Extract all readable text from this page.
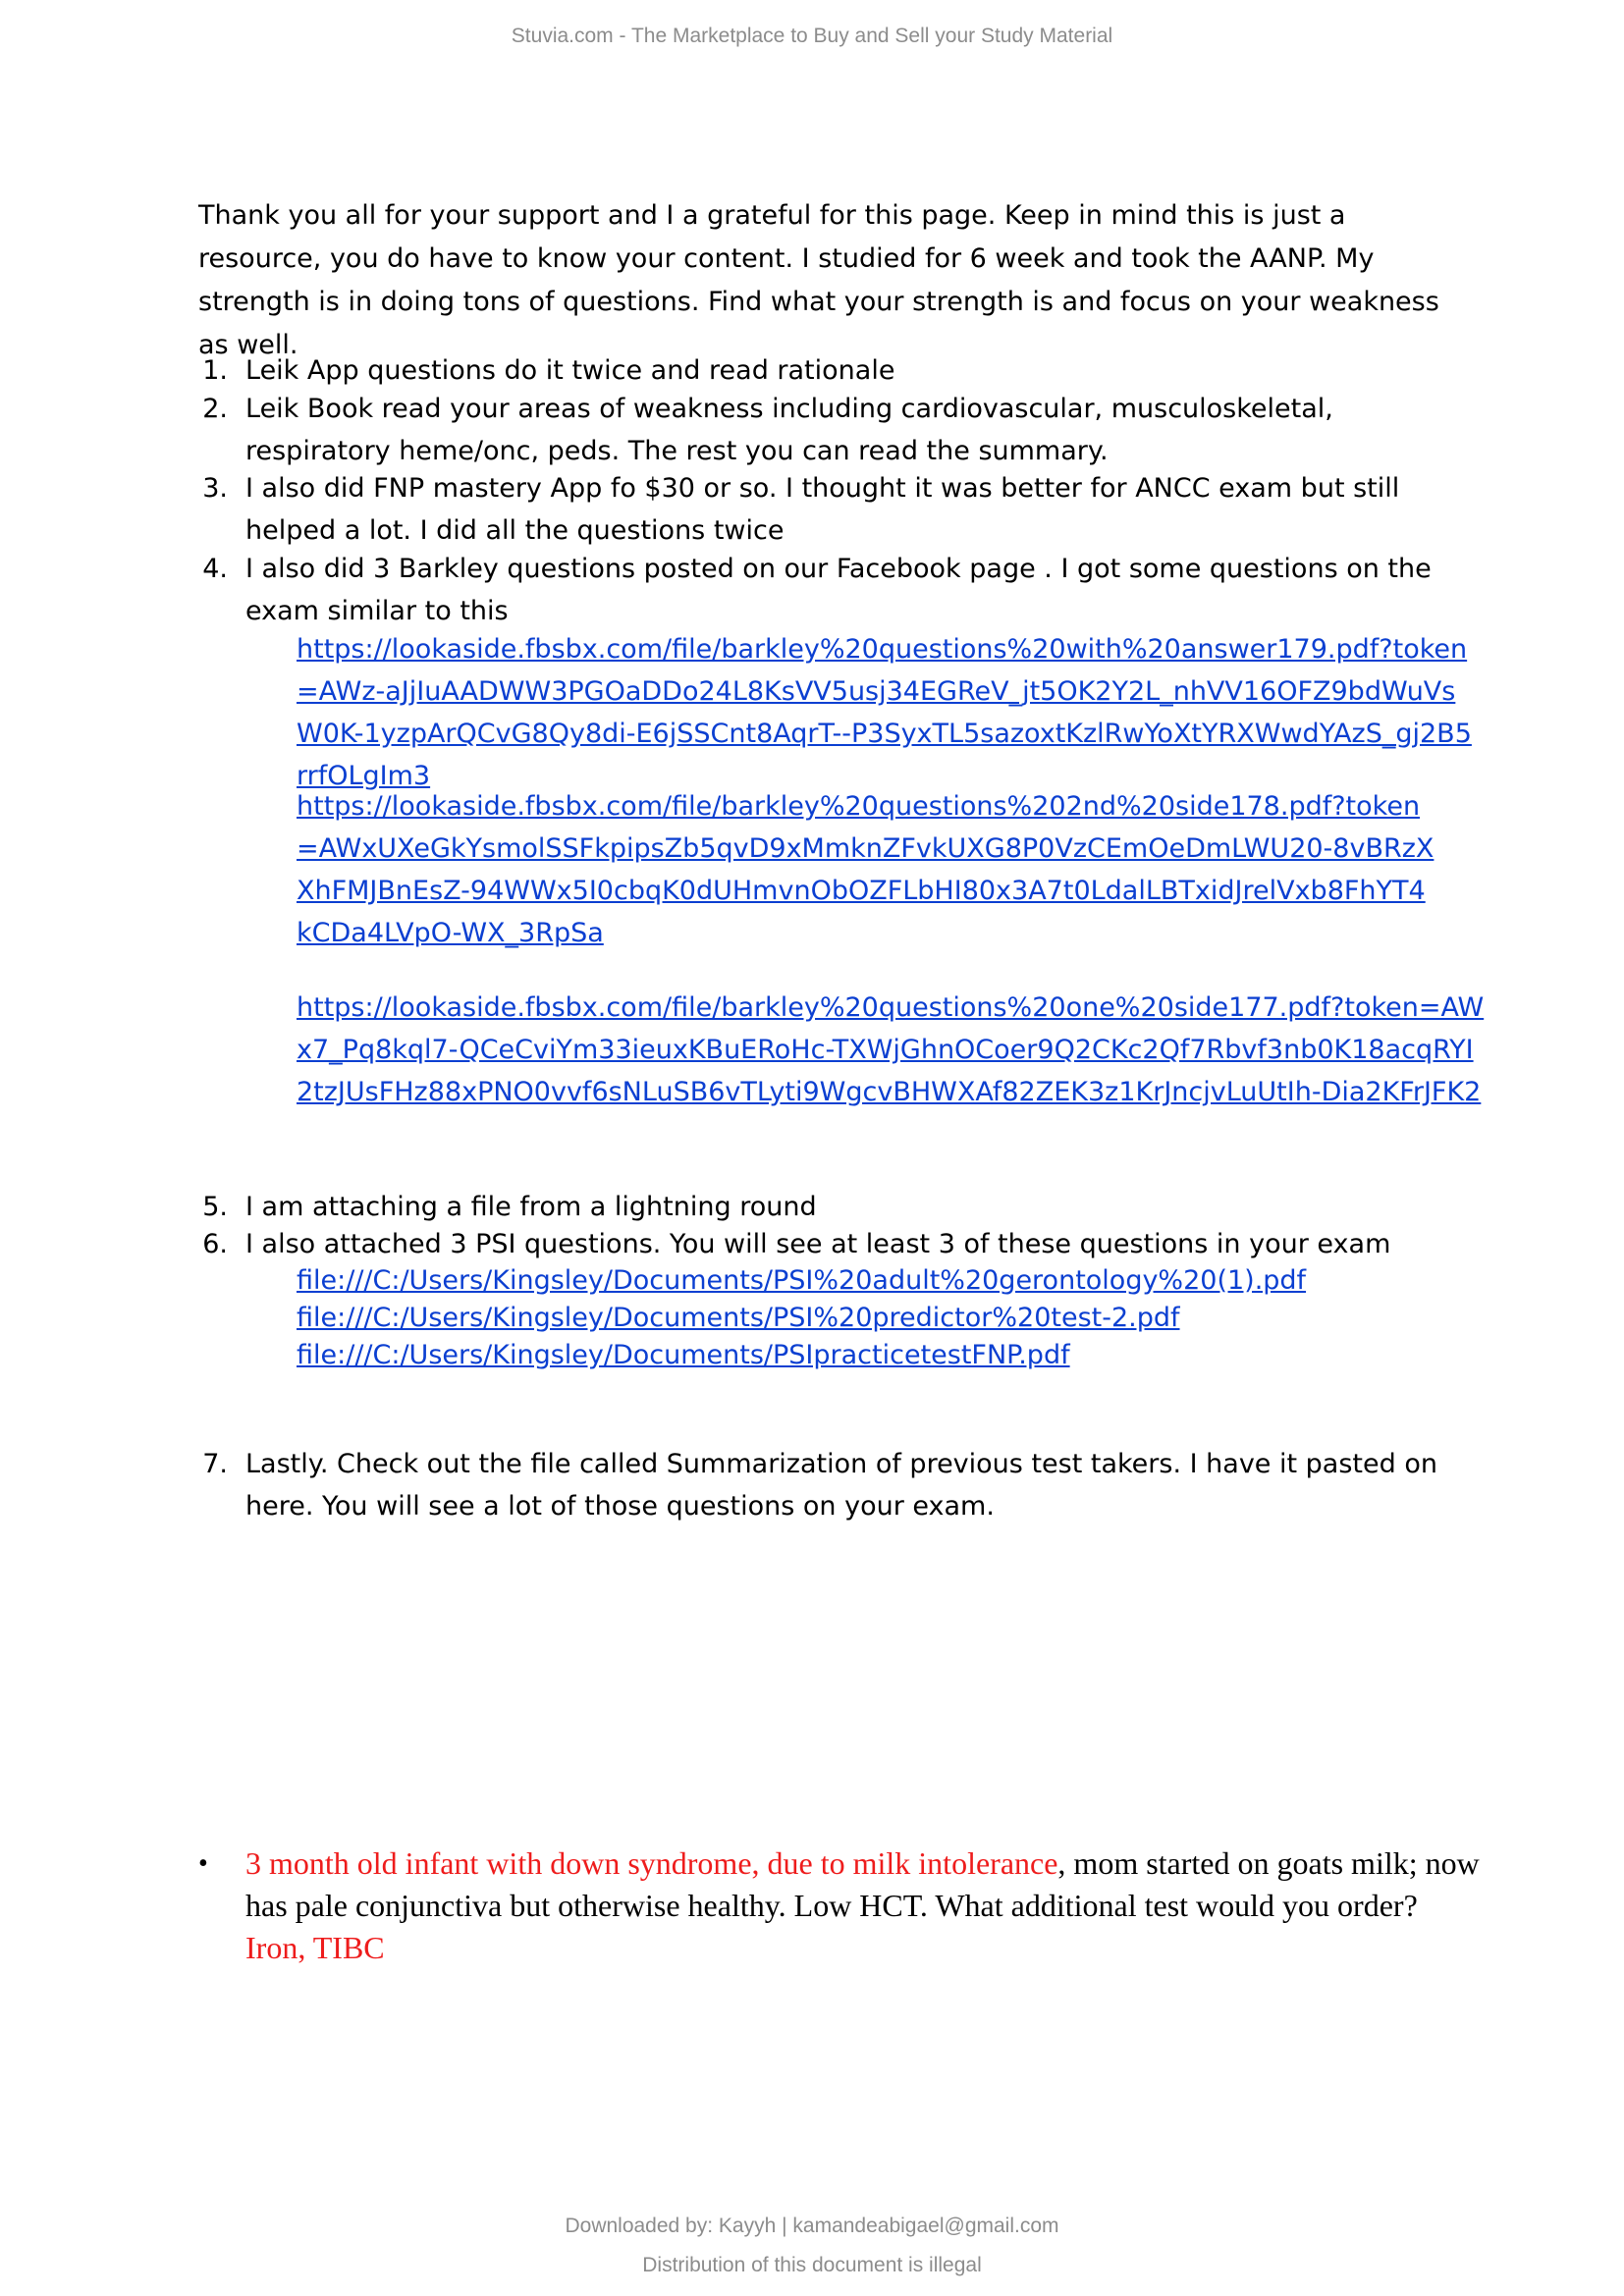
Stuvia.com - The Marketplace to Buy and Sell your Study Material
Thank you all for your support and I a grateful for this page. Keep in mind this is just a resource, you do have to know your content. I studied for 6 week and took the AANP. My strength is in doing tons of questions. Find what your strength is and focus on your weakness as well.
1. Leik App questions do it twice and read rationale
2. Leik Book read your areas of weakness including cardiovascular, musculoskeletal, respiratory heme/onc, peds. The rest you can read the summary.
3. I also did FNP mastery App fo $30 or so. I thought it was better for ANCC exam but still helped a lot. I did all the questions twice
4. I also did 3 Barkley questions posted on our Facebook page . I got some questions on the exam similar to this
https://lookaside.fbsbx.com/file/barkley%20questions%20with%20answer179.pdf?token=AWz-aJjIuAADWW3PGOaDDo24L8KsVV5usj34EGReV_jt5OK2Y2L_nhVV16OFZ9bdWuVsW0K-1yzpArQCvG8Qy8di-E6jSSCnt8AqrT--P3SyxTL5sazoxtKzlRwYoXtYRXWwdYAzS_gj2B5rrfOLgIm3
https://lookaside.fbsbx.com/file/barkley%20questions%202nd%20side178.pdf?token=AWxUXeGkYsmolSSFkpipsZb5qvD9xMmknZFvkUXG8P0VzCEmOeDmLWU20-8vBRzXXhFMJBnEsZ-94WWx5I0cbqK0dUHmvnObOZFLbHI80x3A7t0LdalLBTxidJrelVxb8FhYT4kCDa4LVpO-WX_3RpSa
https://lookaside.fbsbx.com/file/barkley%20questions%20one%20side177.pdf?token=AWx7_Pq8kql7-QCeCviYm33ieuxKBuERoHc-TXWjGhnOCoer9Q2CKc2Qf7Rbvf3nb0K18acqRYI2tzJUsFHz88xPNO0vvf6sNLuSB6vTLyti9WgcvBHWXAf82ZEK3z1KrJncjvLuUtIh-Dia2KFrJFK2
5. I am attaching a file from a lightning round
6. I also attached 3 PSI questions. You will see at least 3 of these questions in your exam
file:///C:/Users/Kingsley/Documents/PSI%20adult%20gerontology%20(1).pdf
file:///C:/Users/Kingsley/Documents/PSI%20predictor%20test-2.pdf
file:///C:/Users/Kingsley/Documents/PSIpracticetestFNP.pdf
7. Lastly. Check out the file called Summarization of previous test takers. I have it pasted on here. You will see a lot of those questions on your exam.
• 3 month old infant with down syndrome, due to milk intolerance, mom started on goats milk; now has pale conjunctiva but otherwise healthy. Low HCT. What additional test would you order? Iron, TIBC
Downloaded by: Kayyh | kamandeabigael@gmail.com
Distribution of this document is illegal
